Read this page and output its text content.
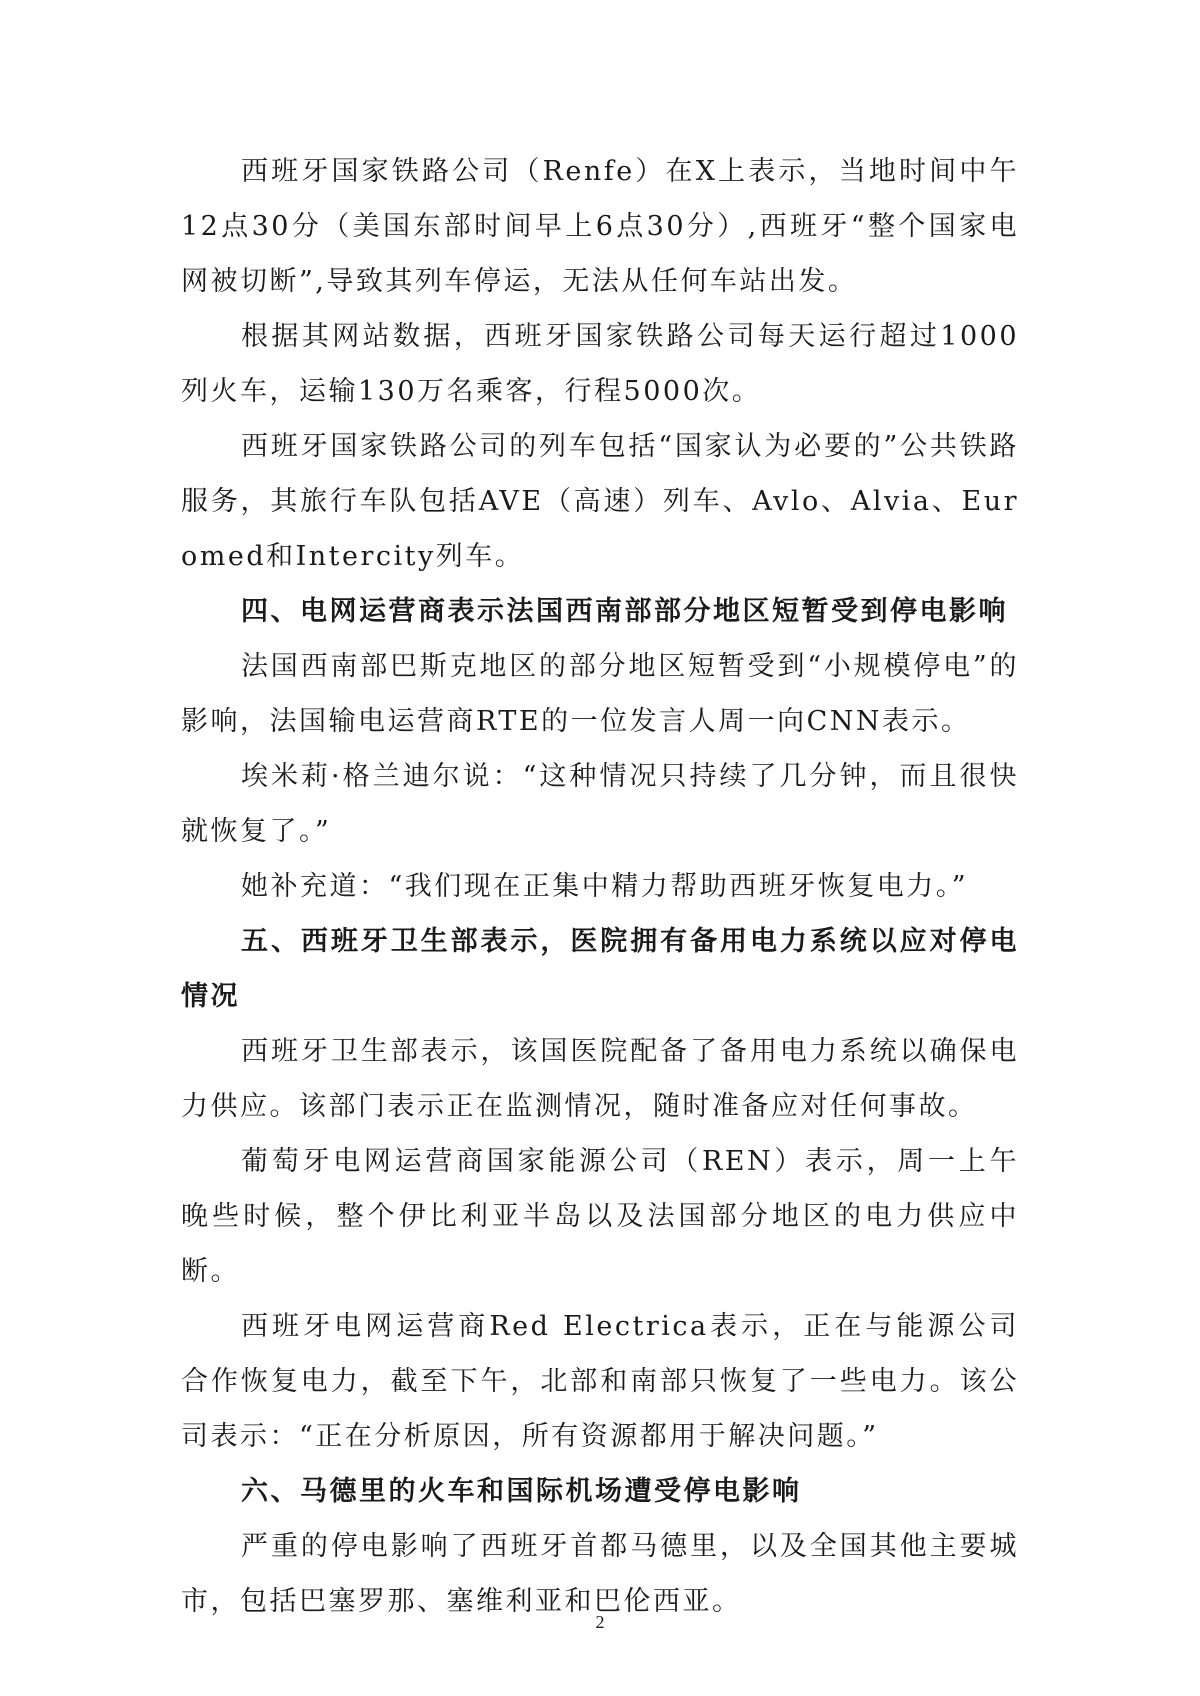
西班牙国家铁路公司（Renfe）在X上表示，当地时间中午12点30分（美国东部时间早上6点30分）,西班牙“整个国家电网被切断”,导致其列车停运，无法从任何车站出发。

根据其网站数据，西班牙国家铁路公司每天运行超过1000列火车，运输130万名乘客，行程5000次。

西班牙国家铁路公司的列车包括“国家认为必要的”公共铁路服务，其旅行车队包括AVE（高速）列车、Avlo、Alvia、Euromed和Intercity列车。

四、电网运营商表示法国西南部部分地区短暂受到停电影响

法国西南部巴斯克地区的部分地区短暂受到“小规模停电”的影响，法国输电运营商RTE的一位发言人周一向CNN表示。

埃米莉·格兰迪尔说：“这种情况只持续了几分钟，而且很快就恢复了。”

她补充道：“我们现在正集中精力帮助西班牙恢复电力。”

五、西班牙卫生部表示，医院拥有备用电力系统以应对停电情况

西班牙卫生部表示，该国医院配备了备用电力系统以确保电力供应。该部门表示正在监测情况，随时准备应对任何事故。

葡萄牙电网运营商国家能源公司（REN）表示，周一上午晚些时候，整个伊比利亚半岛以及法国部分地区的电力供应中断。

西班牙电网运营商Red Electrica表示，正在与能源公司合作恢复电力，截至下午，北部和南部只恢复了一些电力。该公司表示：“正在分析原因，所有资源都用于解决问题。”

六、马德里的火车和国际机场遭受停电影响

严重的停电影响了西班牙首都马德里，以及全国其他主要城市，包括巴塞罗那、塞维利亚和巴伦西亚。

2
